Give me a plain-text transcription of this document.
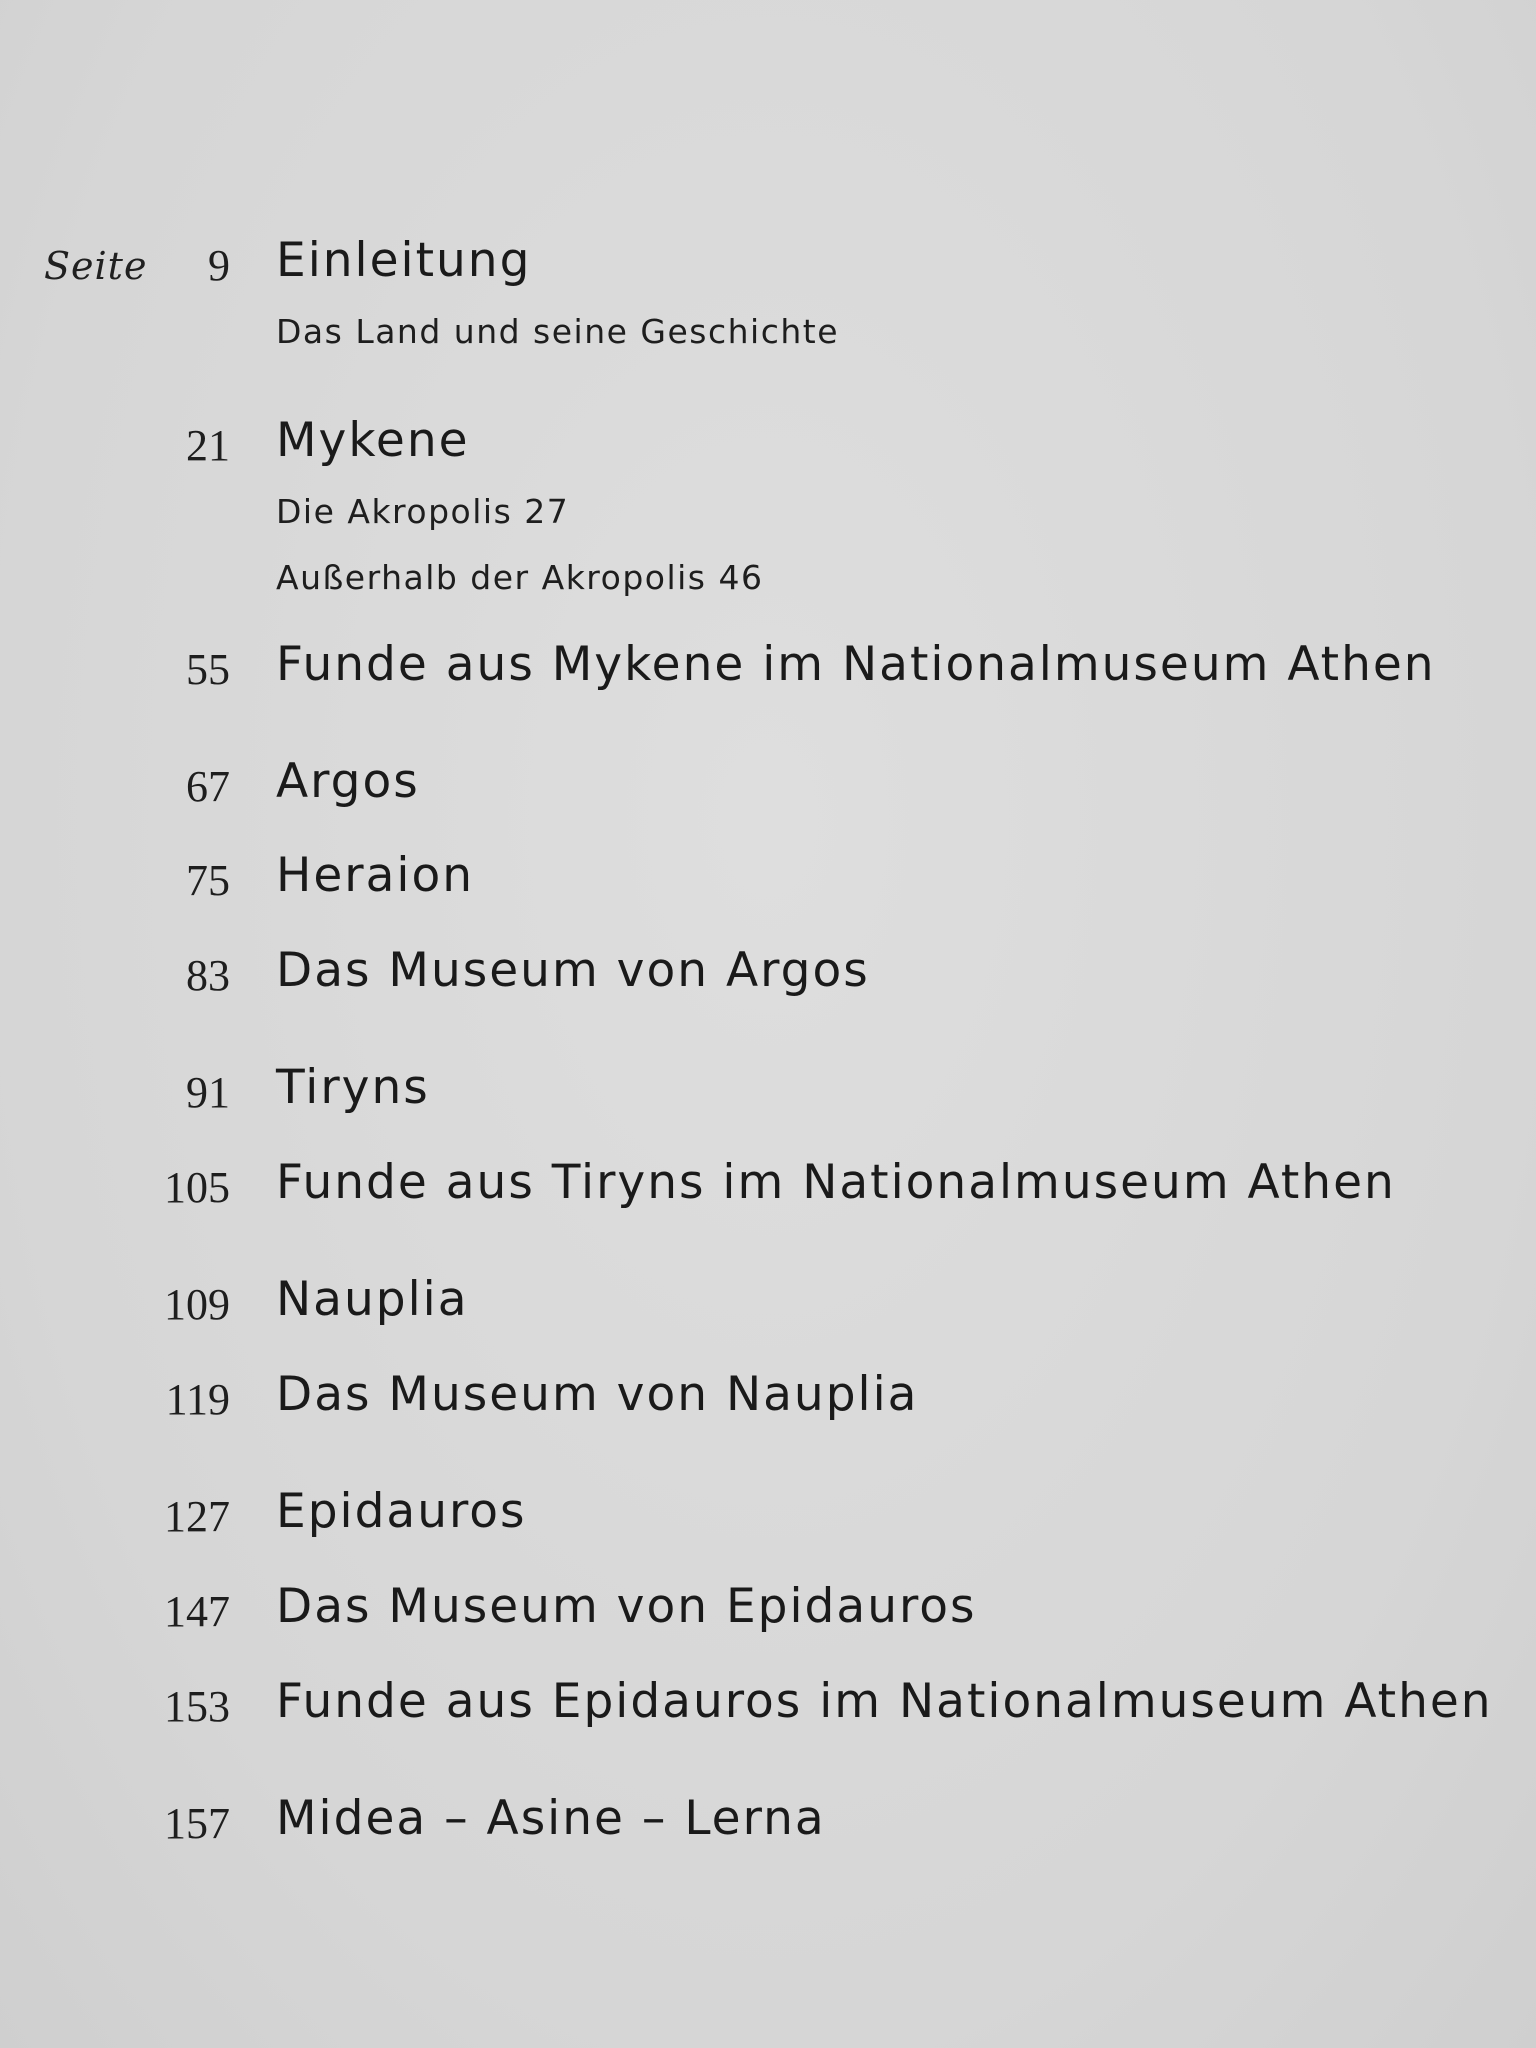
Seite	9 Einleitung
Das Land und seine Geschichte
21 Mykene
Die Akropolis 27
Außerhalb der Akropolis 46
55 Funde aus Mykene im Nationalmuseum Athen
67 Argos
75 Heraion
83 Das Museum von Argos
91 Tiryns
105 Funde aus Tiryns im Nationalmuseum Athen
109 Nauplia
119 Das Museum von Nauplia
127 Epidauros
147 Das Museum von Epidauros
153 Funde aus Epidauros im Nationalmuseum Athen
157 Midea – Asine – Lerna
